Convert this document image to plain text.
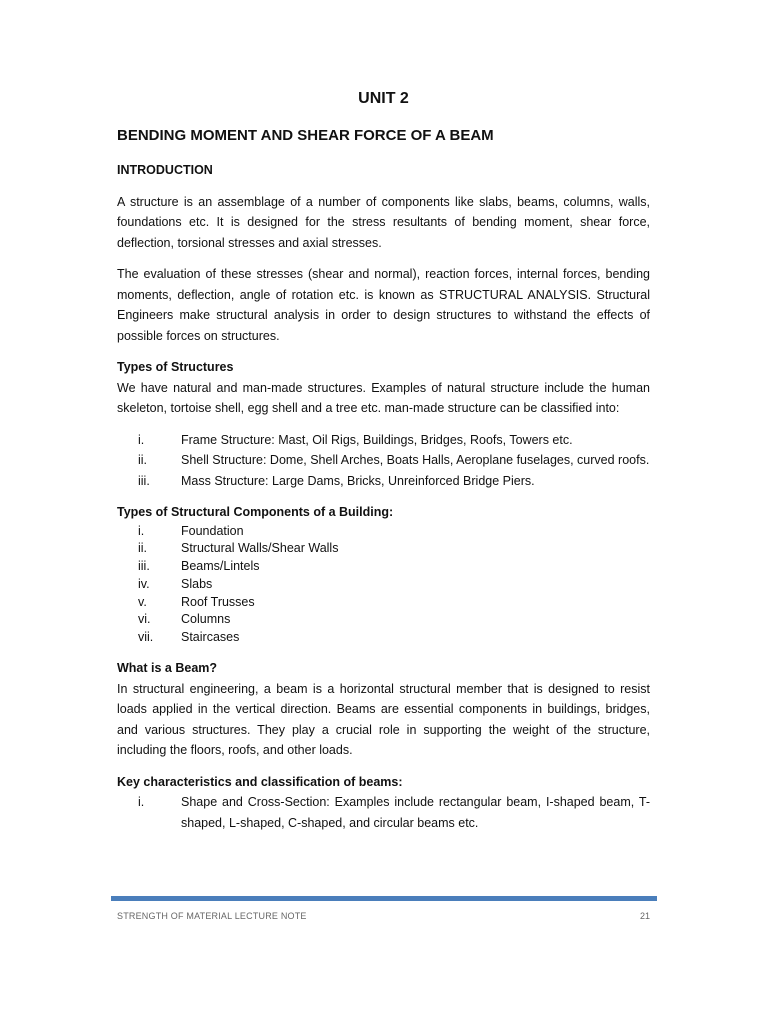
UNIT 2
BENDING MOMENT AND SHEAR FORCE OF A BEAM
INTRODUCTION

A structure is an assemblage of a number of components like slabs, beams, columns, walls, foundations etc. It is designed for the stress resultants of bending moment, shear force, deflection, torsional stresses and axial stresses.

The evaluation of these stresses (shear and normal), reaction forces, internal forces, bending moments, deflection, angle of rotation etc. is known as STRUCTURAL ANALYSIS. Structural Engineers make structural analysis in order to design structures to withstand the effects of possible forces on structures.

Types of Structures

We have natural and man-made structures. Examples of natural structure include the human skeleton, tortoise shell, egg shell and a tree etc. man-made structure can be classified into:

i.	Frame Structure: Mast, Oil Rigs, Buildings, Bridges, Roofs, Towers etc.
ii.	Shell Structure: Dome, Shell Arches, Boats Halls, Aeroplane fuselages, curved roofs.
iii.	Mass Structure: Large Dams, Bricks, Unreinforced Bridge Piers.
Types of Structural Components of a Building:
i.	Foundation
ii.	Structural Walls/Shear Walls
iii.	Beams/Lintels
iv.	Slabs
v.	Roof Trusses
vi.	Columns
vii.	Staircases
What is a Beam?

In structural engineering, a beam is a horizontal structural member that is designed to resist loads applied in the vertical direction. Beams are essential components in buildings, bridges, and various structures. They play a crucial role in supporting the weight of the structure, including the floors, roofs, and other loads.

Key characteristics and classification of beams:
i.	Shape and Cross-Section: Examples include rectangular beam, I-shaped beam, T-shaped, L-shaped, C-shaped, and circular beams etc.
STRENGTH OF MATERIAL LECTURE NOTE	21
